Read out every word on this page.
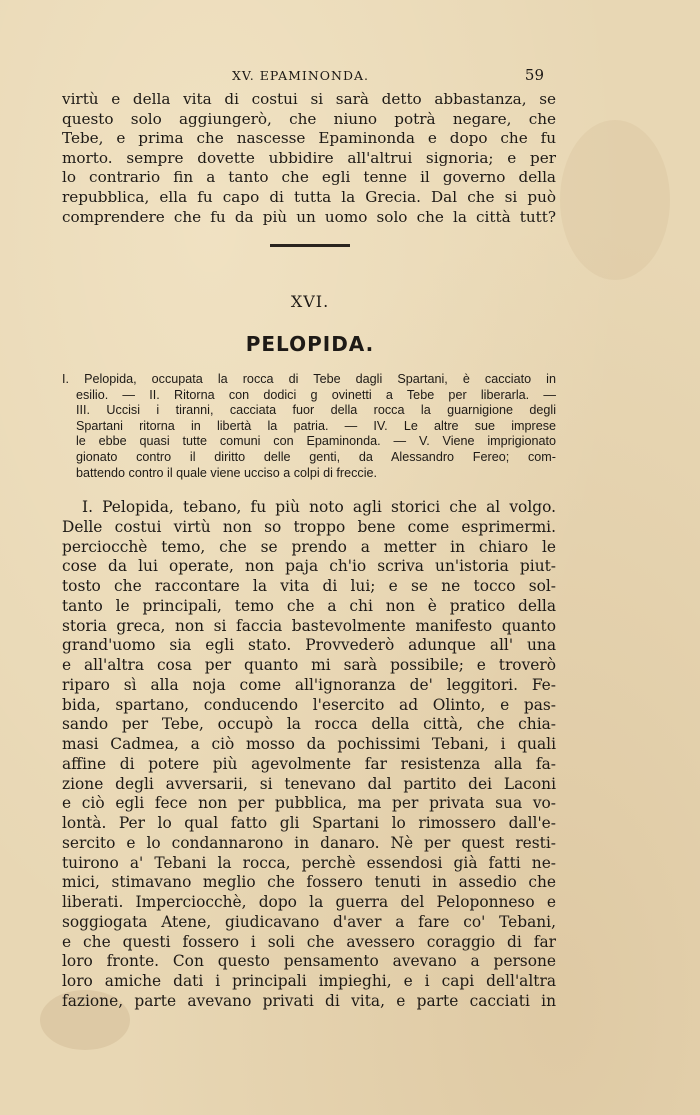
XV. EPAMINONDA.	59
virtù e della vita di costui si sarà detto abbastanza, se
questo solo aggiungerò, che niuno potrà negare, che
Tebe, e prima che nascesse Epaminonda e dopo che fu
morto. sempre dovette ubbidire all'altrui signoria; e per
lo contrario fin a tanto che egli tenne il governo della
repubblica, ella fu capo di tutta la Grecia. Dal che si può
comprendere che fu da più un uomo solo che la città tutt?
XVI.
PELOPIDA.
I. Pelopida, occupata la rocca di Tebe dagli Spartani, è cacciato in
esilio. — II. Ritorna con dodici g ovinetti a Tebe per liberarla. —
III. Uccisi i tiranni, cacciata fuor della rocca la guarnigione degli
Spartani ritorna in libertà la patria. — IV. Le altre sue imprese
le ebbe quasi tutte comuni con Epaminonda. — V. Viene imprigionato
gionato contro il diritto delle genti, da Alessandro Fereo; com-
battendo contro il quale viene ucciso a colpi di freccie.
I. Pelopida, tebano, fu più noto agli storici che al volgo.
Delle costui virtù non so troppo bene come esprimermi.
perciocchè temo, che se prendo a metter in chiaro le
cose da lui operate, non paja ch'io scriva un'istoria piut-
tosto che raccontare la vita di lui; e se ne tocco sol-
tanto le principali, temo che a chi non è pratico della
storia greca, non si faccia bastevolmente manifesto quanto
grand'uomo sia egli stato. Provvederò adunque all' una
e all'altra cosa per quanto mi sarà possibile; e troverò
riparo sì alla noja come all'ignoranza de' leggitori. Fe-
bida, spartano, conducendo l'esercito ad Olinto, e pas-
sando per Tebe, occupò la rocca della città, che chia-
masi Cadmea, a ciò mosso da pochissimi Tebani, i quali
affine di potere più agevolmente far resistenza alla fa-
zione degli avversarii, si tenevano dal partito dei Laconi
e ciò egli fece non per pubblica, ma per privata sua vo-
lontà. Per lo qual fatto gli Spartani lo rimossero dall'e-
sercito e lo condannarono in danaro. Nè per quest resti-
tuirono a' Tebani la rocca, perchè essendosi già fatti ne-
mici, stimavano meglio che fossero tenuti in assedio che
liberati. Imperciocchè, dopo la guerra del Peloponneso e
soggiogata Atene, giudicavano d'aver a fare co' Tebani,
e che questi fossero i soli che avessero coraggio di far
loro fronte. Con questo pensamento avevano a persone
loro amiche dati i principali impieghi, e i capi dell'altra
fazione, parte avevano privati di vita, e parte cacciati in
